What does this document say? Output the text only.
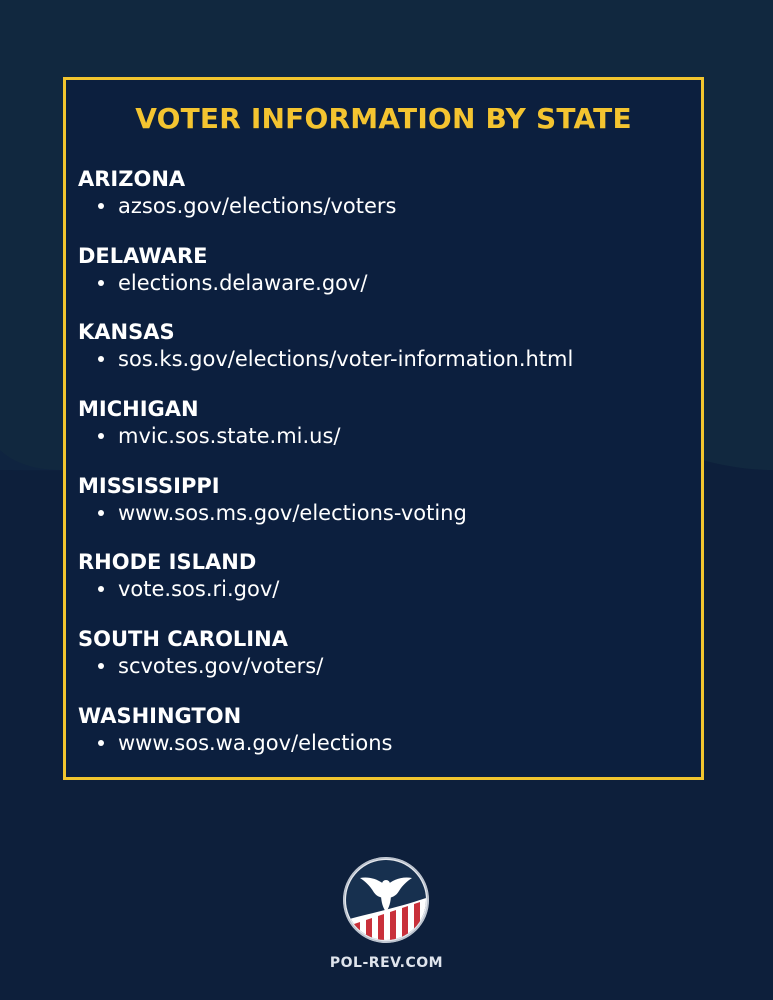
VOTER INFORMATION BY STATE

ARIZONA

azsos.gov/elections/voters

DELAWARE

elections.delaware.gov/

KANSAS

sos.ks.gov/elections/voter-information.html

MICHIGAN

mvic.sos.state.mi.us/

MISSISSIPPI

www.sos.ms.gov/elections-voting

RHODE ISLAND

vote.sos.ri.gov/

SOUTH CAROLINA

scvotes.gov/voters/

WASHINGTON

www.sos.wa.gov/elections
POL-REV.COM
